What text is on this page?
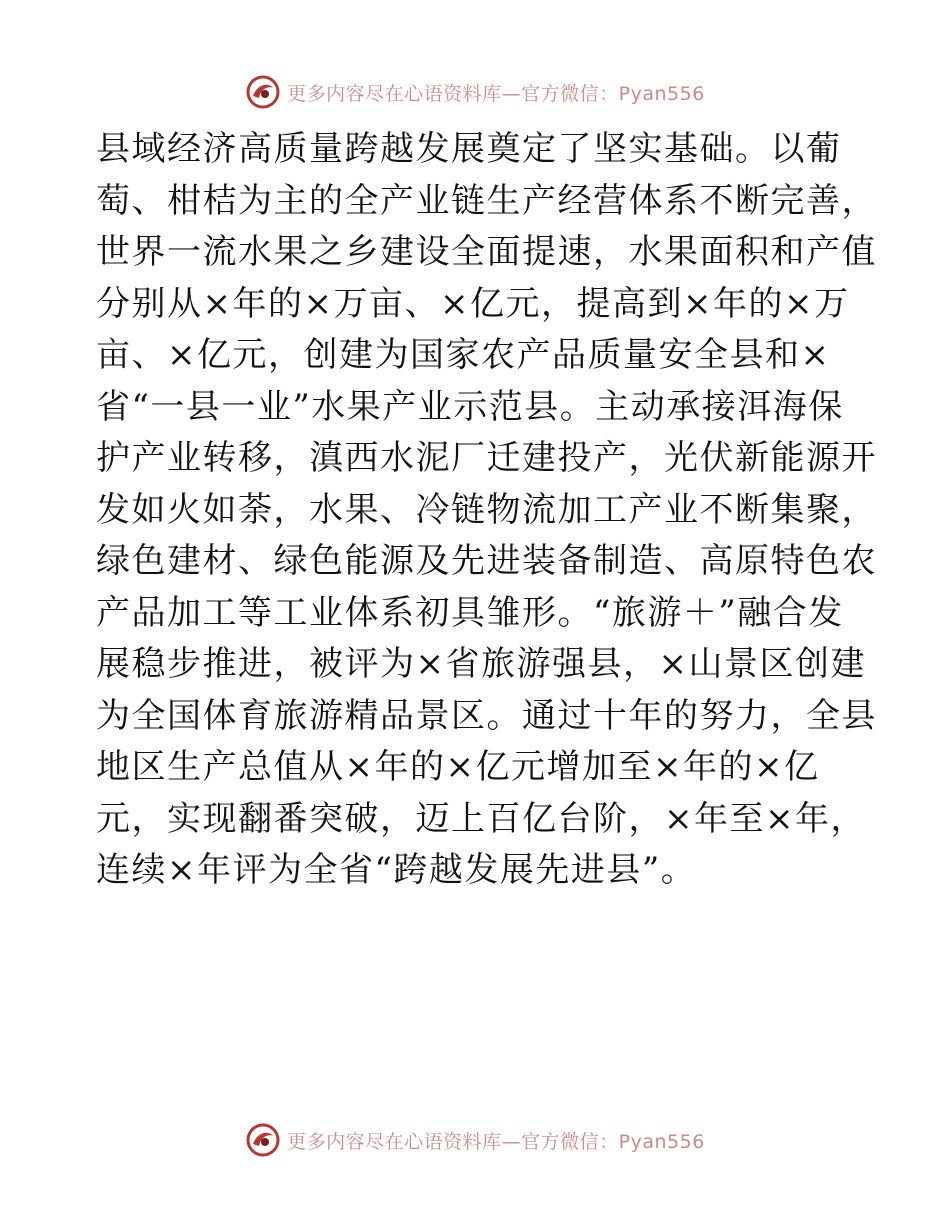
更多内容尽在心语资料库—官方微信：Pyan556
县域经济高质量跨越发展奠定了坚实基础。以葡
萄、柑桔为主的全产业链生产经营体系不断完善，
世界一流水果之乡建设全面提速，水果面积和产值
分别从×年的×万亩、×亿元，提高到×年的×万
亩、×亿元，创建为国家农产品质量安全县和×
省“一县一业”水果产业示范县。主动承接洱海保
护产业转移，滇西水泥厂迁建投产，光伏新能源开
发如火如荼，水果、冷链物流加工产业不断集聚，
绿色建材、绿色能源及先进装备制造、高原特色农
产品加工等工业体系初具雏形。“旅游＋”融合发
展稳步推进，被评为×省旅游强县，×山景区创建
为全国体育旅游精品景区。通过十年的努力，全县
地区生产总值从×年的×亿元增加至×年的×亿
元，实现翻番突破，迈上百亿台阶，×年至×年，
连续×年评为全省“跨越发展先进县”。
更多内容尽在心语资料库—官方微信：Pyan556
